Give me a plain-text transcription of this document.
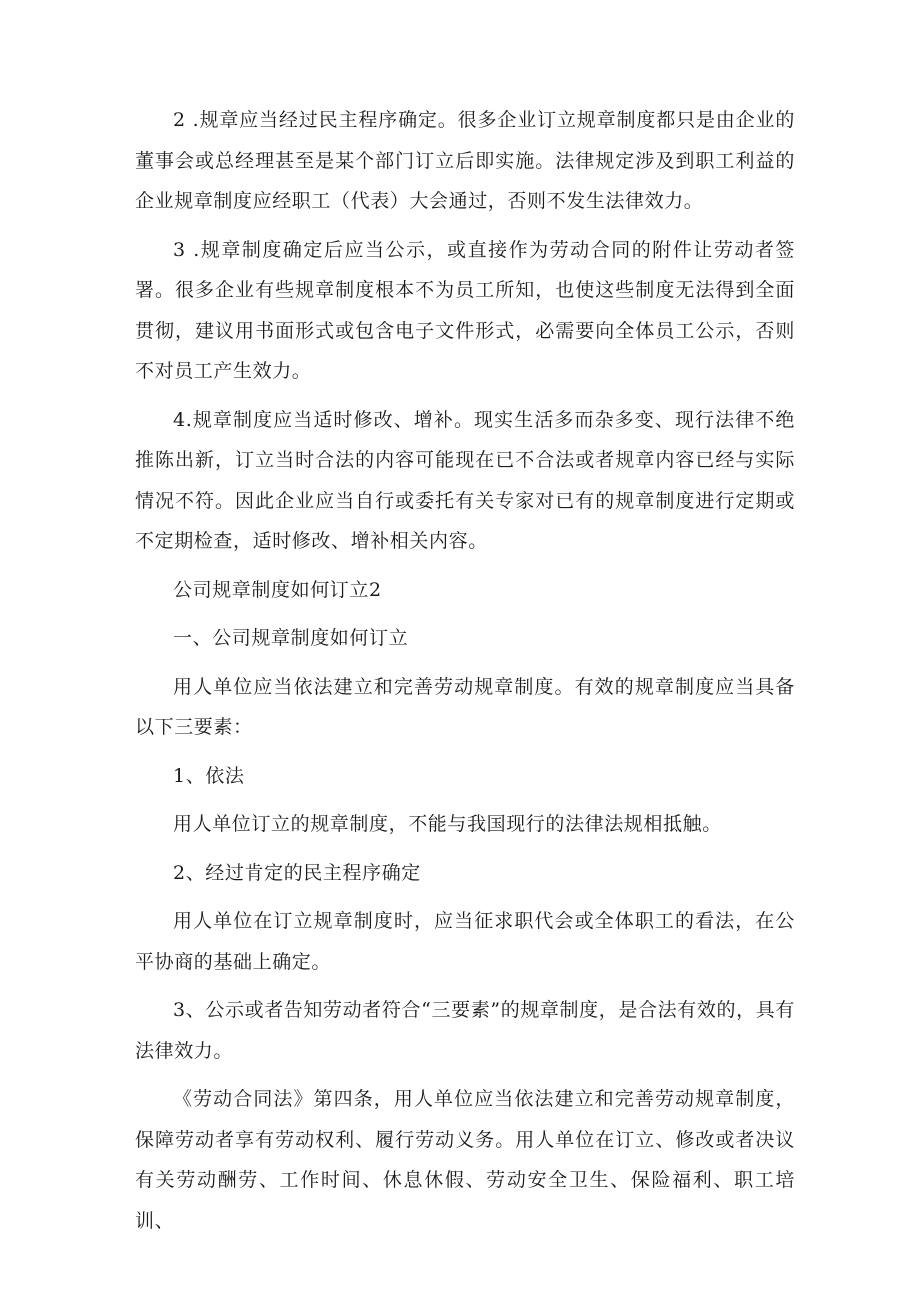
2 .规章应当经过民主程序确定。很多企业订立规章制度都只是由企业的董事会或总经理甚至是某个部门订立后即实施。法律规定涉及到职工利益的企业规章制度应经职工（代表）大会通过，否则不发生法律效力。

3 .规章制度确定后应当公示，或直接作为劳动合同的附件让劳动者签署。很多企业有些规章制度根本不为员工所知，也使这些制度无法得到全面贯彻，建议用书面形式或包含电子文件形式，必需要向全体员工公示，否则不对员工产生效力。

4.规章制度应当适时修改、增补。现实生活多而杂多变、现行法律不绝推陈出新，订立当时合法的内容可能现在已不合法或者规章内容已经与实际情况不符。因此企业应当自行或委托有关专家对已有的规章制度进行定期或不定期检查，适时修改、增补相关内容。

公司规章制度如何订立2

一、公司规章制度如何订立

用人单位应当依法建立和完善劳动规章制度。有效的规章制度应当具备以下三要素：

1、依法

用人单位订立的规章制度，不能与我国现行的法律法规相抵触。

2、经过肯定的民主程序确定

用人单位在订立规章制度时，应当征求职代会或全体职工的看法，在公平协商的基础上确定。

3、公示或者告知劳动者符合“三要素”的规章制度，是合法有效的，具有法律效力。

《劳动合同法》第四条，用人单位应当依法建立和完善劳动规章制度，保障劳动者享有劳动权利、履行劳动义务。用人单位在订立、修改或者决议有关劳动酬劳、工作时间、休息休假、劳动安全卫生、保险福利、职工培训、
